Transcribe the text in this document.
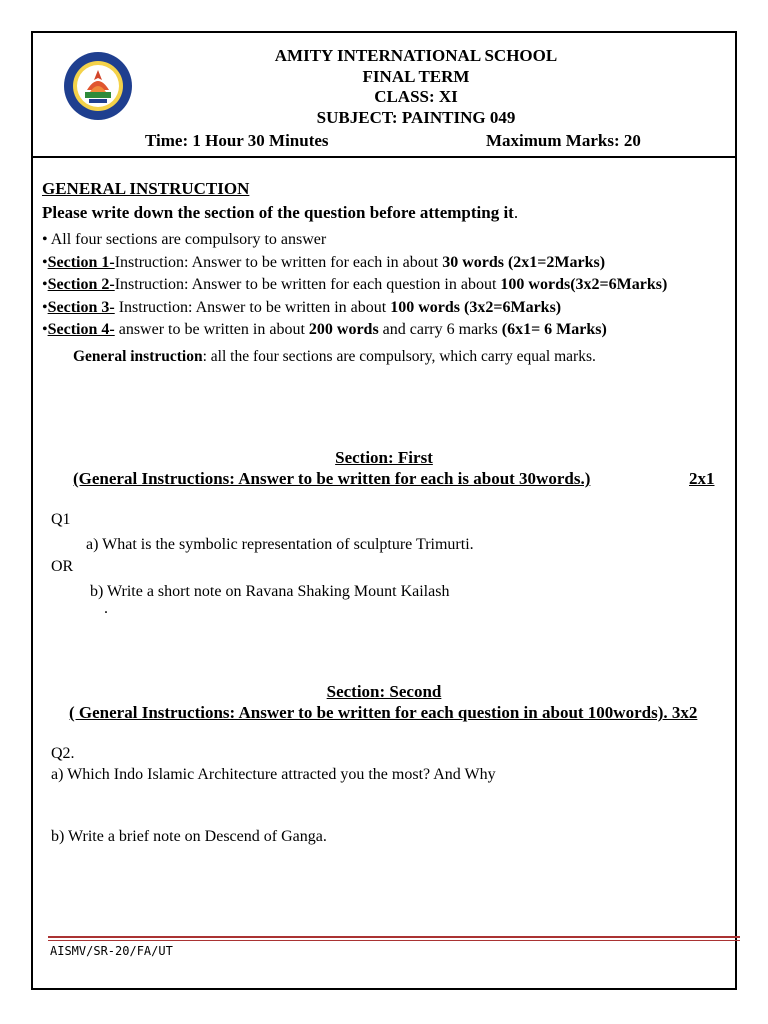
AMITY INTERNATIONAL SCHOOL
FINAL TERM
CLASS: XI
SUBJECT: PAINTING 049
Time: 1 Hour 30 Minutes	Maximum Marks: 20
GENERAL INSTRUCTION
Please write down the section of the question before attempting it.
• All four sections are compulsory to answer
•Section 1-Instruction: Answer to be written for each in about 30 words (2x1=2Marks)
•Section 2-Instruction: Answer to be written for each question in about 100 words(3x2=6Marks)
•Section 3- Instruction: Answer to be written in about 100 words (3x2=6Marks)
•Section 4- answer to be written in about 200 words and carry 6 marks (6x1= 6 Marks)
General instruction: all the four sections are compulsory, which carry equal marks.
Section: First
(General Instructions: Answer to be written for each is about 30words.)	2x1
Q1
a) What is the symbolic representation of sculpture Trimurti.
OR
b) Write a short note on Ravana Shaking Mount Kailash
.
Section: Second
( General Instructions: Answer to be written for each question in about 100words). 3x2
Q2.
a) Which Indo Islamic Architecture attracted you the most? And Why
b) Write a brief note on Descend of Ganga.
AISMV/SR-20/FA/UT
